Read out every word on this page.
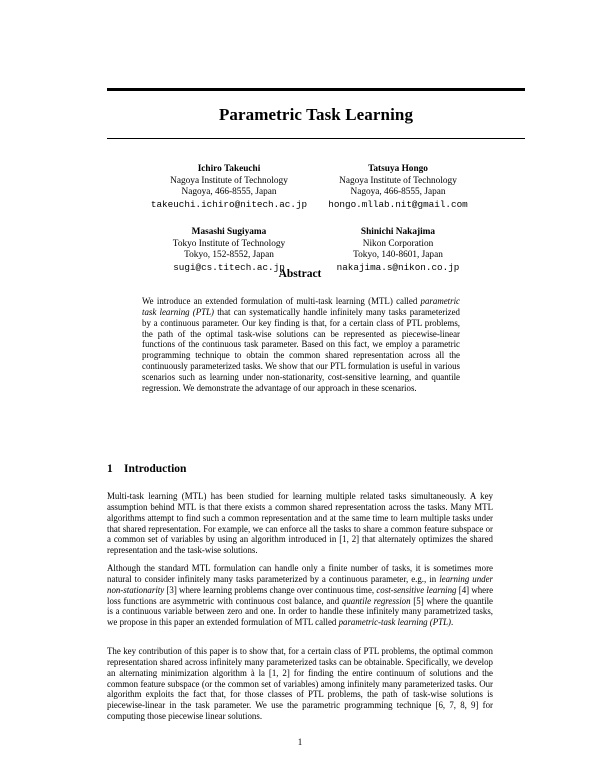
Parametric Task Learning
Ichiro Takeuchi
Nagoya Institute of Technology
Nagoya, 466-8555, Japan
takeuchi.ichiro@nitech.ac.jp
Tatsuya Hongo
Nagoya Institute of Technology
Nagoya, 466-8555, Japan
hongo.mllab.nit@gmail.com
Masashi Sugiyama
Tokyo Institute of Technology
Tokyo, 152-8552, Japan
sugi@cs.titech.ac.jp
Shinichi Nakajima
Nikon Corporation
Tokyo, 140-8601, Japan
nakajima.s@nikon.co.jp
Abstract
We introduce an extended formulation of multi-task learning (MTL) called parametric task learning (PTL) that can systematically handle infinitely many tasks parameterized by a continuous parameter. Our key finding is that, for a certain class of PTL problems, the path of the optimal task-wise solutions can be represented as piecewise-linear functions of the continuous task parameter. Based on this fact, we employ a parametric programming technique to obtain the common shared representation across all the continuously parameterized tasks. We show that our PTL formulation is useful in various scenarios such as learning under non-stationarity, cost-sensitive learning, and quantile regression. We demonstrate the advantage of our approach in these scenarios.
1 Introduction
Multi-task learning (MTL) has been studied for learning multiple related tasks simultaneously. A key assumption behind MTL is that there exists a common shared representation across the tasks. Many MTL algorithms attempt to find such a common representation and at the same time to learn multiple tasks under that shared representation. For example, we can enforce all the tasks to share a common feature subspace or a common set of variables by using an algorithm introduced in [1, 2] that alternately optimizes the shared representation and the task-wise solutions.
Although the standard MTL formulation can handle only a finite number of tasks, it is sometimes more natural to consider infinitely many tasks parameterized by a continuous parameter, e.g., in learning under non-stationarity [3] where learning problems change over continuous time, cost-sensitive learning [4] where loss functions are asymmetric with continuous cost balance, and quantile regression [5] where the quantile is a continuous variable between zero and one. In order to handle these infinitely many parametrized tasks, we propose in this paper an extended formulation of MTL called parametric-task learning (PTL).
The key contribution of this paper is to show that, for a certain class of PTL problems, the optimal common representation shared across infinitely many parameterized tasks can be obtainable. Specifically, we develop an alternating minimization algorithm à la [1, 2] for finding the entire continuum of solutions and the common feature subspace (or the common set of variables) among infinitely many parameterized tasks. Our algorithm exploits the fact that, for those classes of PTL problems, the path of task-wise solutions is piecewise-linear in the task parameter. We use the parametric programming technique [6, 7, 8, 9] for computing those piecewise linear solutions.
1
